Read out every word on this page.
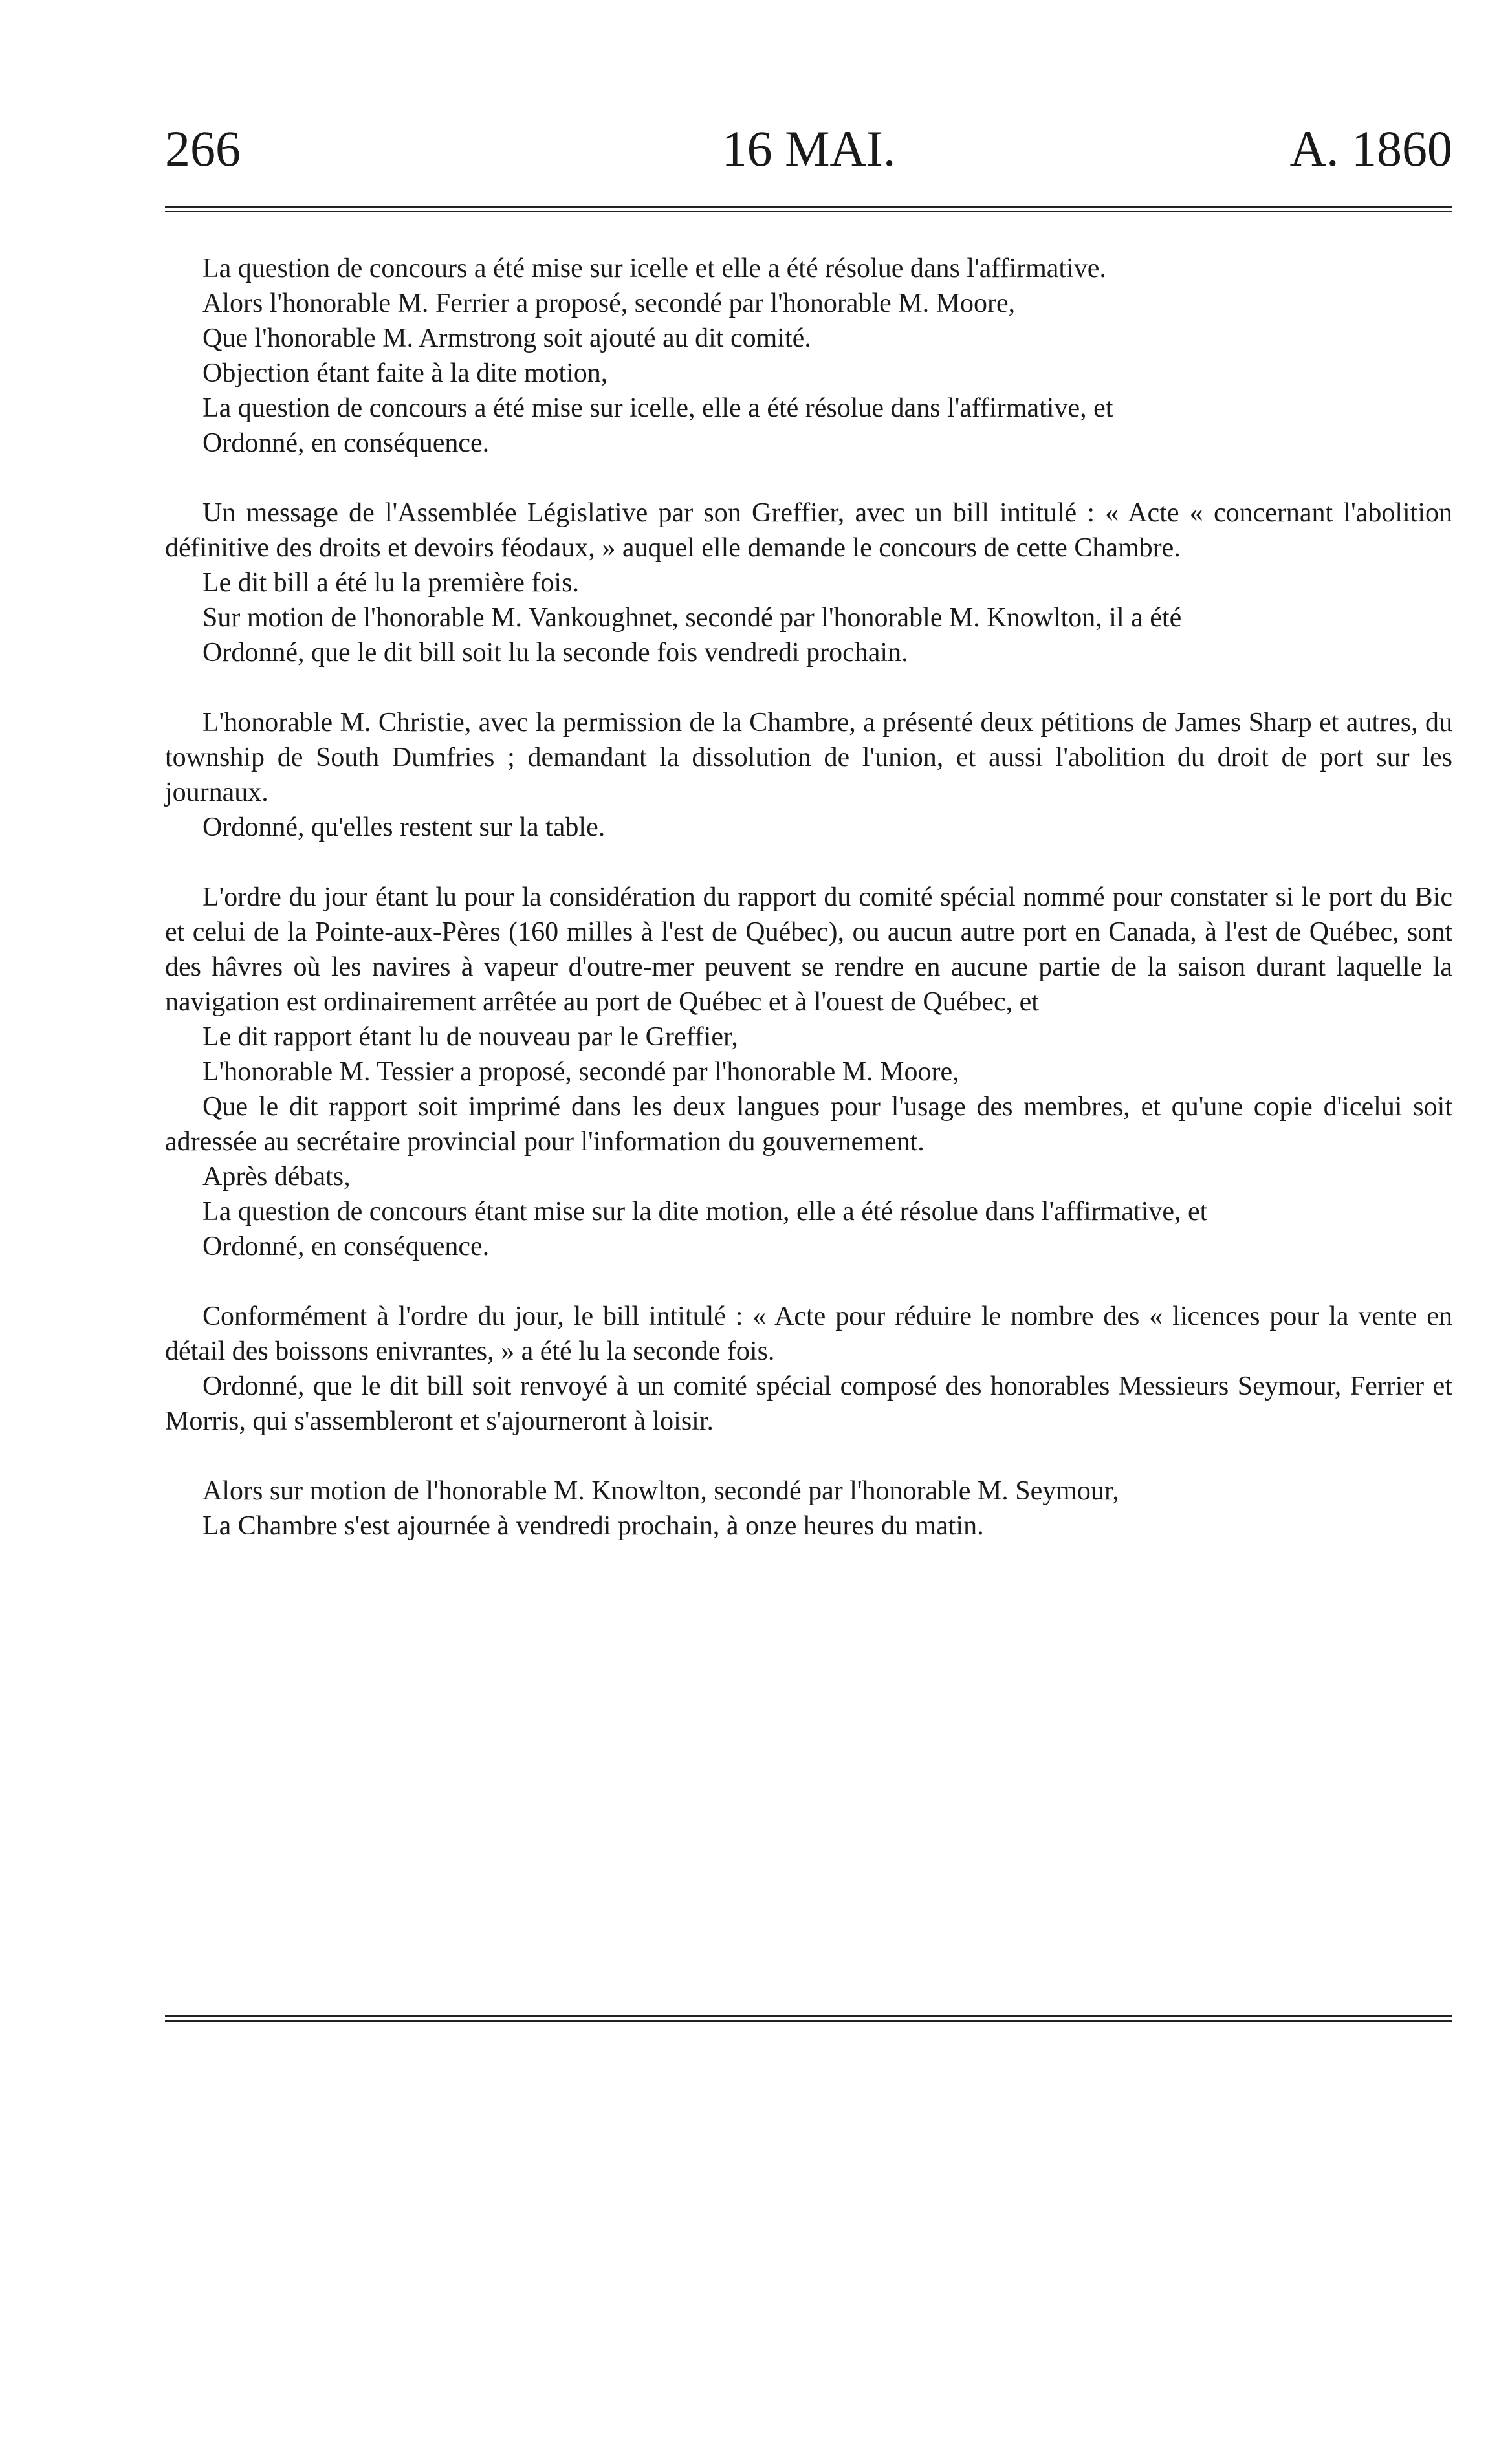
266	16 MAI.	A. 1860

La question de concours a été mise sur icelle et elle a été résolue dans l'affirmative.

Alors l'honorable M. Ferrier a proposé, secondé par l'honorable M. Moore,

Que l'honorable M. Armstrong soit ajouté au dit comité.

Objection étant faite à la dite motion,

La question de concours a été mise sur icelle, elle a été résolue dans l'affirmative, et

Ordonné, en conséquence.

Un message de l'Assemblée Législative par son Greffier, avec un bill intitulé : « Acte « concernant l'abolition définitive des droits et devoirs féodaux, » auquel elle demande le concours de cette Chambre.

Le dit bill a été lu la première fois.

Sur motion de l'honorable M. Vankoughnet, secondé par l'honorable M. Knowlton, il a été

Ordonné, que le dit bill soit lu la seconde fois vendredi prochain.

L'honorable M. Christie, avec la permission de la Chambre, a présenté deux pétitions de James Sharp et autres, du township de South Dumfries ; demandant la dissolution de l'union, et aussi l'abolition du droit de port sur les journaux.

Ordonné, qu'elles restent sur la table.

L'ordre du jour étant lu pour la considération du rapport du comité spécial nommé pour constater si le port du Bic et celui de la Pointe-aux-Pères (160 milles à l'est de Québec), ou aucun autre port en Canada, à l'est de Québec, sont des hâvres où les navires à vapeur d'outre-mer peuvent se rendre en aucune partie de la saison durant laquelle la navigation est ordinairement arrêtée au port de Québec et à l'ouest de Québec, et

Le dit rapport étant lu de nouveau par le Greffier,

L'honorable M. Tessier a proposé, secondé par l'honorable M. Moore,

Que le dit rapport soit imprimé dans les deux langues pour l'usage des membres, et qu'une copie d'icelui soit adressée au secrétaire provincial pour l'information du gouvernement.

Après débats,

La question de concours étant mise sur la dite motion, elle a été résolue dans l'affirmative, et

Ordonné, en conséquence.

Conformément à l'ordre du jour, le bill intitulé : « Acte pour réduire le nombre des « licences pour la vente en détail des boissons enivrantes, » a été lu la seconde fois.

Ordonné, que le dit bill soit renvoyé à un comité spécial composé des honorables Messieurs Seymour, Ferrier et Morris, qui s'assembleront et s'ajourneront à loisir.

Alors sur motion de l'honorable M. Knowlton, secondé par l'honorable M. Seymour,

La Chambre s'est ajournée à vendredi prochain, à onze heures du matin.
